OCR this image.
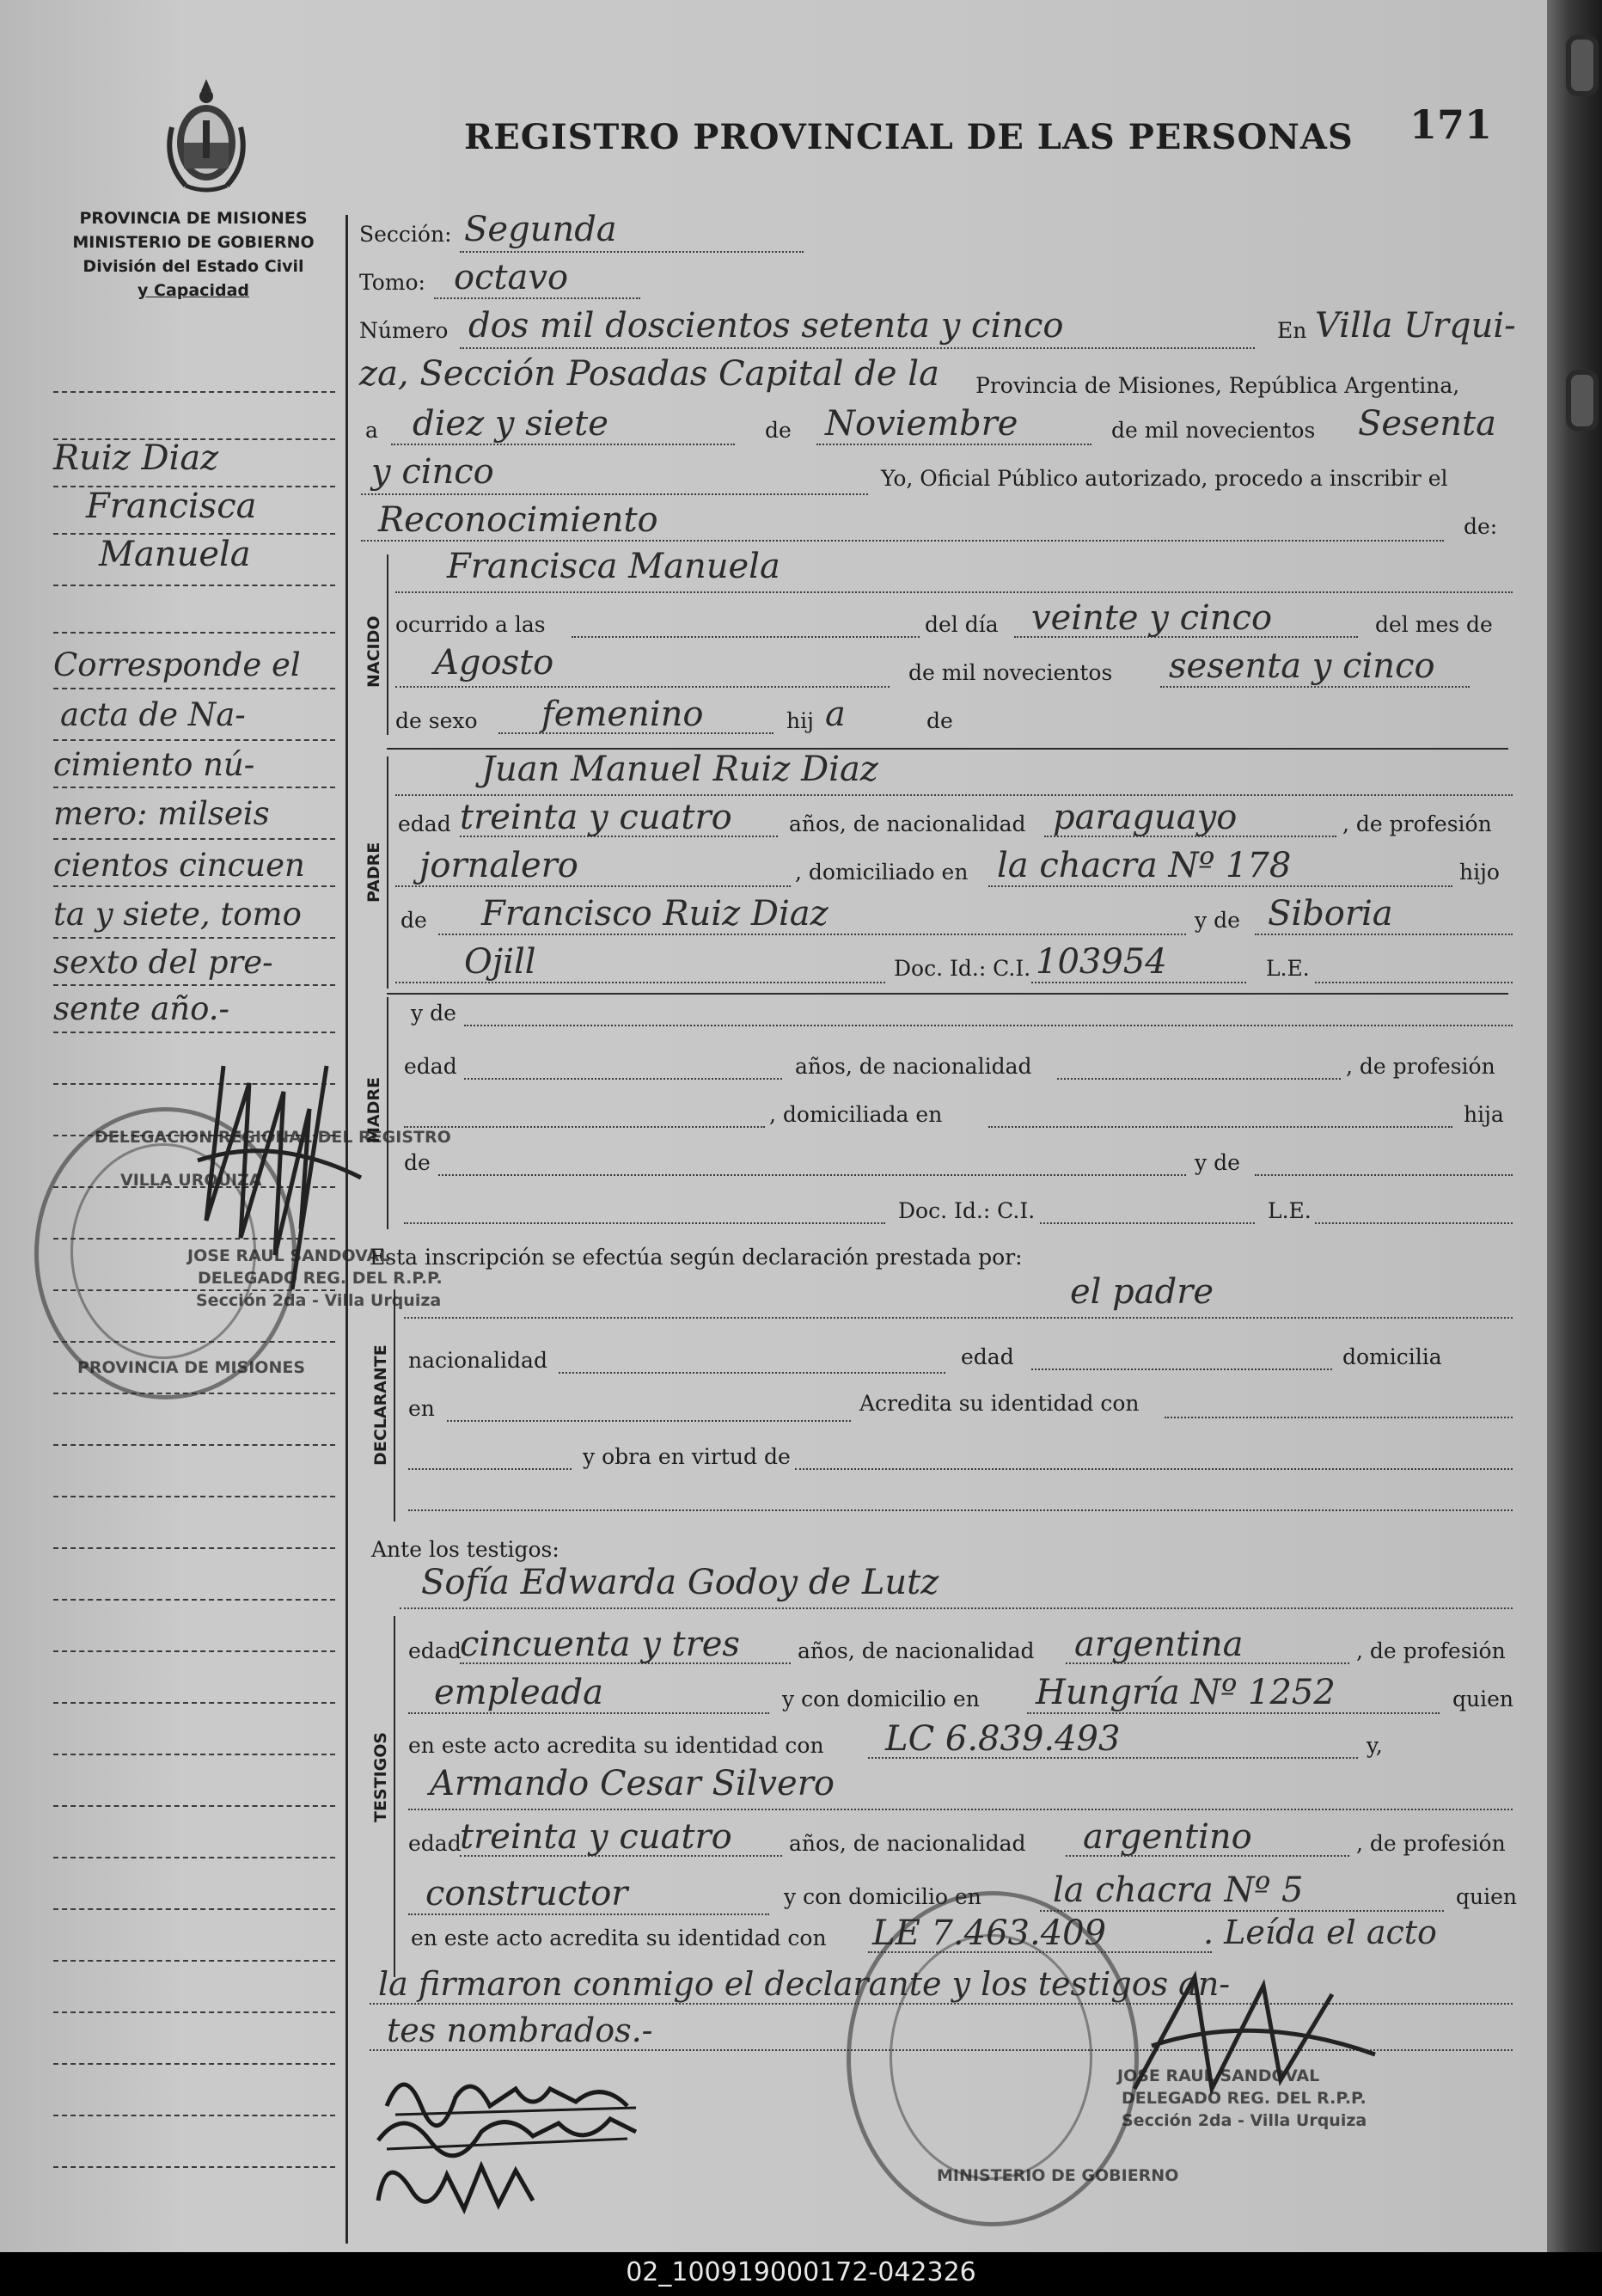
REGISTRO PROVINCIAL DE LAS PERSONAS 171
PROVINCIA DE MISIONES
MINISTERIO DE GOBIERNO
División del Estado Civil
y Capacidad
Ruiz Diaz
Francisca
Manuela
Corresponde el
acta de Na-
cimiento nú-
mero: milseis
cientos cincuen
ta y siete, tomo
sexto del pre-
sente año.-
Sección: Segunda
Tomo: octavo
Número dos mil doscientos setenta y cinco	En Villa Urqui-
za, Sección Posadas Capital de la Provincia de Misiones, República Argentina,
a diez y siete	de Noviembre	de mil novecientos Sesenta
y cinco	Yo, Oficial Público autorizado, procedo a inscribir el
Reconocimiento	de:
NACIDO
Francisca Manuela
ocurrido a las	del día veinte y cinco	del mes de
Agosto	de mil novecientos sesenta y cinco
de sexo femenino	hij a	de
PADRE
Juan Manuel Ruiz Diaz
edad treinta y cuatro	años, de nacionalidad paraguayo	, de profesión
jornalero	, domiciliado en la chacra Nº 178	hijo
de Francisco Ruiz Diaz	y de Siboria
Ojill	Doc. Id.: C.I. 103954	L.E.
MADRE
y de
edad	años, de nacionalidad	, de profesión
, domiciliada en	hija
de	y de
Doc. Id.: C.I.	L.E.
Esta inscripción se efectúa según declaración prestada por:
el padre
DECLARANTE nacionalidad	edad	domicilia
en	Acredita su identidad con
y obra en virtud de
Ante los testigos:
Sofía Edwarda Godoy de Lutz
TESTIGOS
edad
cincuenta y tres	años, de nacionalidad argentina	, de profesión
empleada	y con domicilio en Hungría Nº 1252	quien
en este acto acredita su identidad con LC 6.839.493	y,
Armando Cesar Silvero
edad
treinta y cuatro	años, de nacionalidad argentino	, de profesión
constructor	y con domicilio en la chacra Nº 5	quien
en este acto acredita su identidad con LE 7.463.409	. Leída el acto
la firmaron conmigo el declarante y los testigos an-
tes nombrados.-
DELEGACION REGIONAL DEL REGISTRO
VILLA URQUIZA
PROVINCIA DE MISIONES
JOSE RAUL SANDOVAL
DELEGADO REG. DEL R.P.P.
Sección 2da - Villa Urquiza
MINISTERIO DE GOBIERNO
JOSE RAUL SANDOVAL
DELEGADO REG. DEL R.P.P.
Sección 2da - Villa Urquiza
02_100919000172-042326
